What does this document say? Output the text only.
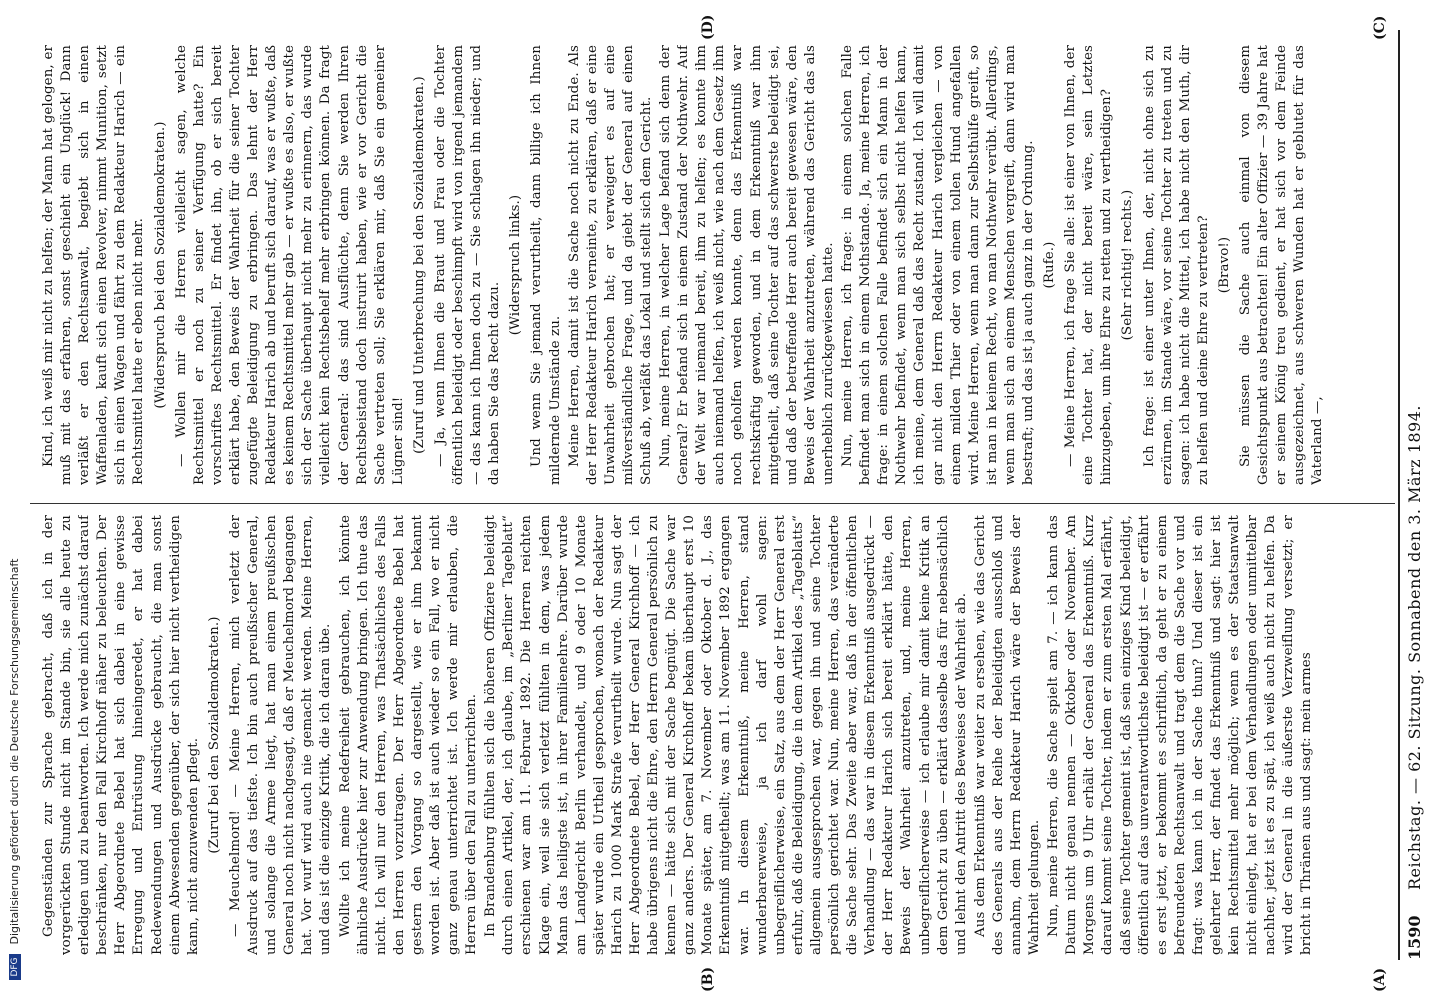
1590
Reichstag. — 62. Sitzung. Sonnabend den 3. März 1894.
(A)
(B)
(C)
(D)

Gegenständen zur Sprache gebracht, daß ich in der vorgerückten Stunde nicht im Stande bin, sie alle heute zu erledigen und zu beantworten. Ich werde mich zunächst darauf beschränken, nur den Fall Kirchhoff näher zu beleuchten. Der Herr Abgeordnete Bebel hat sich dabei in eine gewisse Erregung und Entrüstung hineingeredet, er hat dabei Redewendungen und Ausdrücke gebraucht, die man sonst einem Abwesenden gegenüber, der sich hier nicht vertheidigen kann, nicht anzuwenden pflegt. (Zuruf bei den Sozialdemokraten.) — Meuchelmord! — Meine Herren, mich verletzt der Ausdruck auf das tiefste. Ich bin auch preußischer General, und solange die Armee liegt, hat man einem preußischen General noch nicht nachgesagt, daß er Meuchelmord begangen hat. Vor wurf wird auch nie gemacht werden. Meine Herren, und das ist die einzige Kritik, die ich daran übe. Wollte ich meine Redefreiheit gebrauchen, ich könnte ähnliche Ausdrücke hier zur Anwendung bringen. Ich thue das nicht. Ich will nur den Herren, was Thatsächliches des Falls den Herren vorzutragen. Der Herr Abgeordnete Bebel hat gestern den Vorgang so dargestellt, wie er ihm bekannt worden ist. Aber daß ist auch wieder so ein Fall, wo er nicht ganz genau unterrichtet ist. Ich werde mir erlauben, die Herren über den Fall zu unterrichten. In Brandenburg fühlten sich die höheren Offiziere beleidigt durch einen Artikel, der, ich glaube, im „Berliner Tageblatt“ erschienen war am 11. Februar 1892. Die Herren reichten Klage ein, weil sie sich verletzt fühlten in dem, was jedem Mann das heiligste ist, in ihrer Familienehre. Darüber wurde am Landgericht Berlin verhandelt, und 9 oder 10 Monate später wurde ein Urtheil gesprochen, wonach der Redakteur Harich zu 1000 Mark Strafe verurtheilt wurde. Nun sagt der Herr Abgeordnete Bebel, der Herr General Kirchhoff — ich habe übrigens nicht die Ehre, den Herrn General persönlich zu kennen — hätte sich mit der Sache begnügt. Die Sache war ganz anders. Der General Kirchhoff bekam überhaupt erst 10 Monate später, am 7. November oder Oktober d. J., das Erkenntniß mitgetheilt; was am 11. November 1892 ergangen war. In diesem Erkenntniß, meine Herren, stand wunderbarerweise, ja ich darf wohl sagen: unbegreiflicherweise, ein Satz, aus dem der Herr General erst erfuhr, daß die Beleidigung, die in dem Artikel des „Tageblatts“ allgemein ausgesprochen war, gegen ihn und seine Tochter persönlich gerichtet war. Nun, meine Herren, das veränderte die Sache sehr. Das Zweite aber war, daß in der öffentlichen Verhandlung — das war in diesem Erkenntniß ausgedrückt — der Herr Redakteur Harich sich bereit erklärt hätte, den Beweis der Wahrheit anzutreten, und, meine Herren, unbegreiflicherweise — ich erlaube mir damit keine Kritik an dem Gericht zu üben — erklärt dasselbe das für nebensächlich und lehnt den Antritt des Beweises der Wahrheit ab. Aus dem Erkenntniß war weiter zu ersehen, wie das Gericht des Generals aus der Reihe der Beleidigten ausschloß und annahm, dem Herrn Redakteur Harich wäre der Beweis der Wahrheit gelungen. Nun, meine Herren, die Sache spielt am 7. — ich kann das Datum nicht genau nennen — Oktober oder November. Am Morgens um 9 Uhr erhält der General das Erkenntniß. Kurz darauf kommt seine Tochter, indem er zum ersten Mal erfährt, daß seine Tochter gemeint ist, daß sein einziges Kind beleidigt, öffentlich auf das unverantwortlichste beleidigt ist — er erfährt es erst jetzt, er bekommt es schriftlich, da geht er zu einem befreundeten Rechtsanwalt und tragt dem die Sache vor und fragt: was kann ich in der Sache thun? Und dieser ist ein gelehrter Herr, der findet das Erkenntniß und sagt: hier ist kein Rechtsmittel mehr möglich; wenn es der Staatsanwalt nicht einlegt, hat er bei dem Verhandlungen oder unmittelbar nachher, jetzt ist es zu spät, ich weiß auch nicht zu helfen. Da wird der General in die äußerste Verzweiflung versetzt; er bricht in Thränen aus und sagt: mein armes

Kind, ich weiß mir nicht zu helfen; der Mann hat gelogen, er muß mit das erfahren, sonst geschieht ein Unglück! Dann verläßt er den Rechtsanwalt, begiebt sich in einen Waffenladen, kauft sich einen Revolver, nimmt Munition, setzt sich in einen Wagen und fährt zu dem Redakteur Harich — ein Rechtsmittel hatte er eben nicht mehr. (Widerspruch bei den Sozialdemokraten.) — Wollen mir die Herren vielleicht sagen, welche Rechtsmittel er noch zu seiner Verfügung hatte? Ein vorschriftes Rechtsmittel. Er findet ihn, ob er sich bereit erklärt habe, den Beweis der Wahrheit für die seiner Tochter zugefügte Beleidigung zu erbringen. Das lehnt der Herr Redakteur Harich ab und beruft sich darauf, was er wußte, daß es keinem Rechtsmittel mehr gab — er wußte es also, er wußte sich der Sache überhaupt nicht mehr zu erinnern, das wurde vielleicht kein Rechtsbehelf mehr erbringen können. Da fragt der General: das sind Ausflüchte, denn Sie werden Ihren Rechtsbeistand doch instruirt haben, wie er vor Gericht die Sache vertreten soll; Sie erklären mir, daß Sie ein gemeiner Lügner sind! (Zuruf und Unterbrechung bei den Sozialdemokraten.) — Ja, wenn Ihnen die Braut und Frau oder die Tochter öffentlich beleidigt oder beschimpft wird von irgend jemandem — das kann ich Ihnen doch zu — Sie schlagen ihn nieder; und da haben Sie das Recht dazu.

(Widerspruch links.) Und wenn Sie jemand verurtheilt, dann billige ich Ihnen mildernde Umstände zu. Meine Herren, damit ist die Sache noch nicht zu Ende. Als der Herr Redakteur Harich verneinte, zu erklären, daß er eine Unwahrheit gebrochen hat; er verweigert es auf eine mißverständliche Frage, und da giebt der General auf einen Schuß ab, verläßt das Lokal und stellt sich dem Gericht. Nun, meine Herren, in welcher Lage befand sich denn der General? Er befand sich in einem Zustand der Nothwehr. Auf der Welt war niemand bereit, ihm zu helfen; es konnte ihm auch niemand helfen, ich weiß nicht, wie nach dem Gesetz ihm noch geholfen werden konnte, denn das Erkenntniß war rechtskräftig geworden, und in dem Erkenntniß war ihm mitgetheilt, daß seine Tochter auf das schwerste beleidigt sei, und daß der betreffende Herr auch bereit gewesen wäre, den Beweis der Wahrheit anzutreten, während das Gericht das als unerheblich zurückgewiesen hatte. Nun, meine Herren, ich frage: in einem solchen Falle befindet man sich in einem Nothstande. Ja, meine Herren, ich frage: in einem solchen Falle befindet sich ein Mann in der Nothwehr befindet, wenn man sich selbst nicht helfen kann, ich meine, dem General daß das Recht zustand. Ich will damit gar nicht den Herrn Redakteur Harich vergleichen — von einem milden Thier oder von einem tollen Hund angefallen wird. Meine Herren, wenn man dann zur Selbsthülfe greift, so ist man in keinem Recht, wo man Nothwehr verübt. Allerdings, wenn man sich an einem Menschen vergreift, dann wird man bestraft; und das ist ja auch ganz in der Ordnung. (Rufe.) — Meine Herren, ich frage Sie alle: ist einer von Ihnen, der eine Tochter hat, der nicht bereit wäre, sein Letztes hinzugeben, um ihre Ehre zu retten und zu vertheidigen? (Sehr richtig! rechts.) Ich frage: ist einer unter Ihnen, der, nicht ohne sich zu erzürnen, im Stande wäre, vor seine Tochter zu treten und zu sagen: ich habe nicht die Mittel, ich habe nicht den Muth, dir zu helfen und deine Ehre zu vertreten? (Bravo!) Sie müssen die Sache auch einmal von diesem Gesichtspunkt aus betrachten! Ein alter Offizier — 39 Jahre hat er seinem König treu gedient, er hat sich vor dem Feinde ausgezeichnet, aus schweren Wunden hat er geblutet für das Vaterland —,

DFG Digitalisierung gefördert durch die Deutsche Forschungsgemeinschaft
